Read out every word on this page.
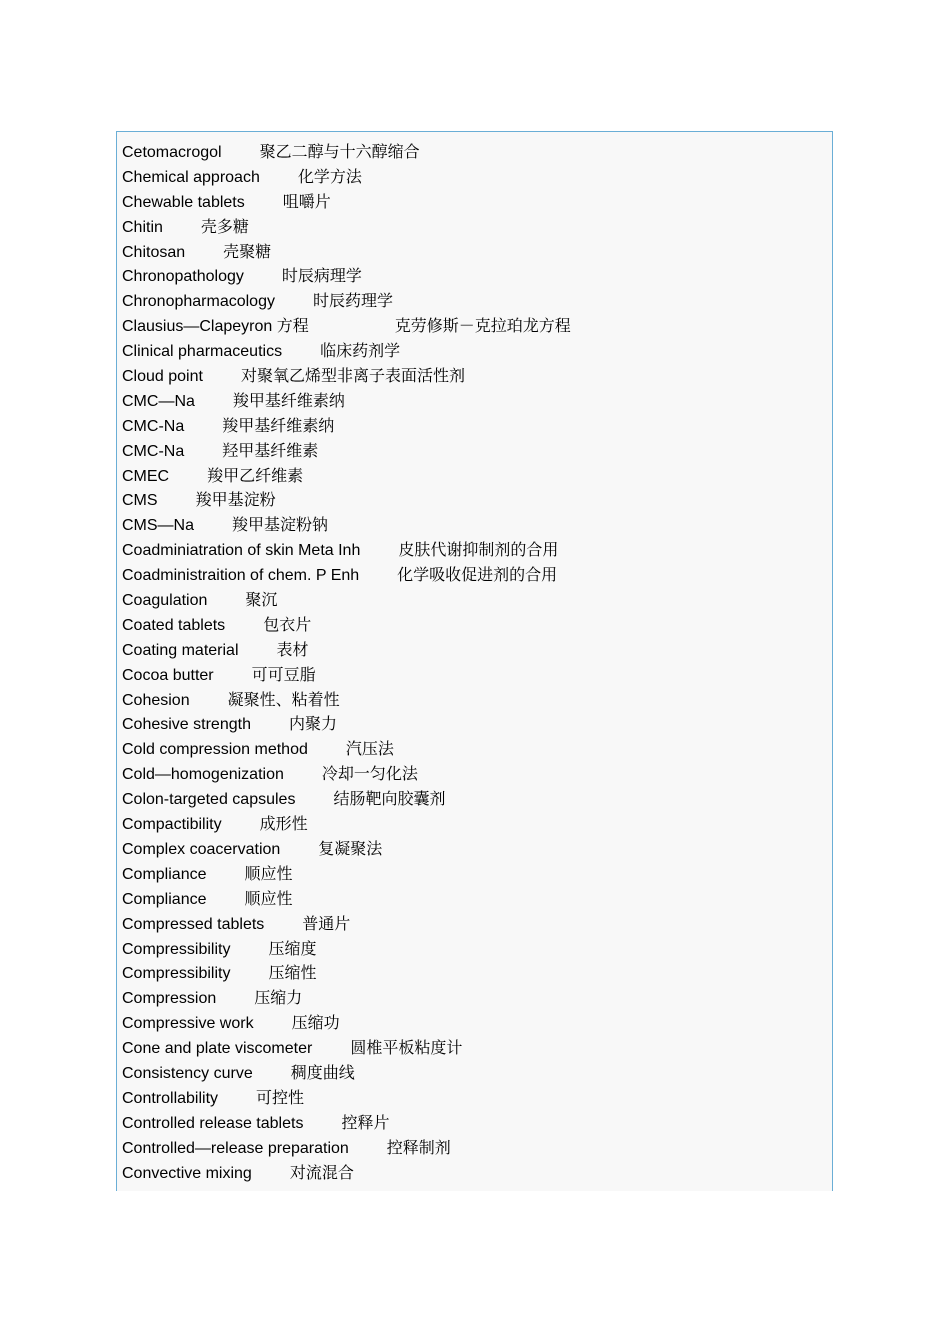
Cetomacrogol 聚乙二醇与十六醇缩合
Chemical approach 化学方法
Chewable tablets 咀嚼片
Chitin 壳多糖
Chitosan 壳聚糖
Chronopathology 时辰病理学
Chronopharmacology 时辰药理学
Clausius—Clapeyron 方程	克劳修斯－克拉珀龙方程
Clinical pharmaceutics 临床药剂学
Cloud point 对聚氧乙烯型非离子表面活性剂
CMC—Na 羧甲基纤维素纳
CMC-Na 羧甲基纤维素纳
CMC-Na 羟甲基纤维素
CMEC 羧甲乙纤维素
CMS 羧甲基淀粉
CMS—Na 羧甲基淀粉钠
Coadminiatration of skin Meta Inh 皮肤代谢抑制剂的合用
Coadministraition of chem. P Enh 化学吸收促进剂的合用
Coagulation 聚沉
Coated tablets 包衣片
Coating material 表材
Cocoa butter 可可豆脂
Cohesion 凝聚性、粘着性
Cohesive strength 内聚力
Cold compression method 汽压法
Cold—homogenization 冷却一匀化法
Colon-targeted capsules 结肠靶向胶囊剂
Compactibility 成形性
Complex coacervation 复凝聚法
Compliance 顺应性
Compliance 顺应性
Compressed tablets 普通片
Compressibility 压缩度
Compressibility 压缩性
Compression 压缩力
Compressive work 压缩功
Cone and plate viscometer 圆椎平板粘度计
Consistency curve 稠度曲线
Controllability 可控性
Controlled release tablets 控释片
Controlled—release preparation 控释制剂
Convective mixing 对流混合
